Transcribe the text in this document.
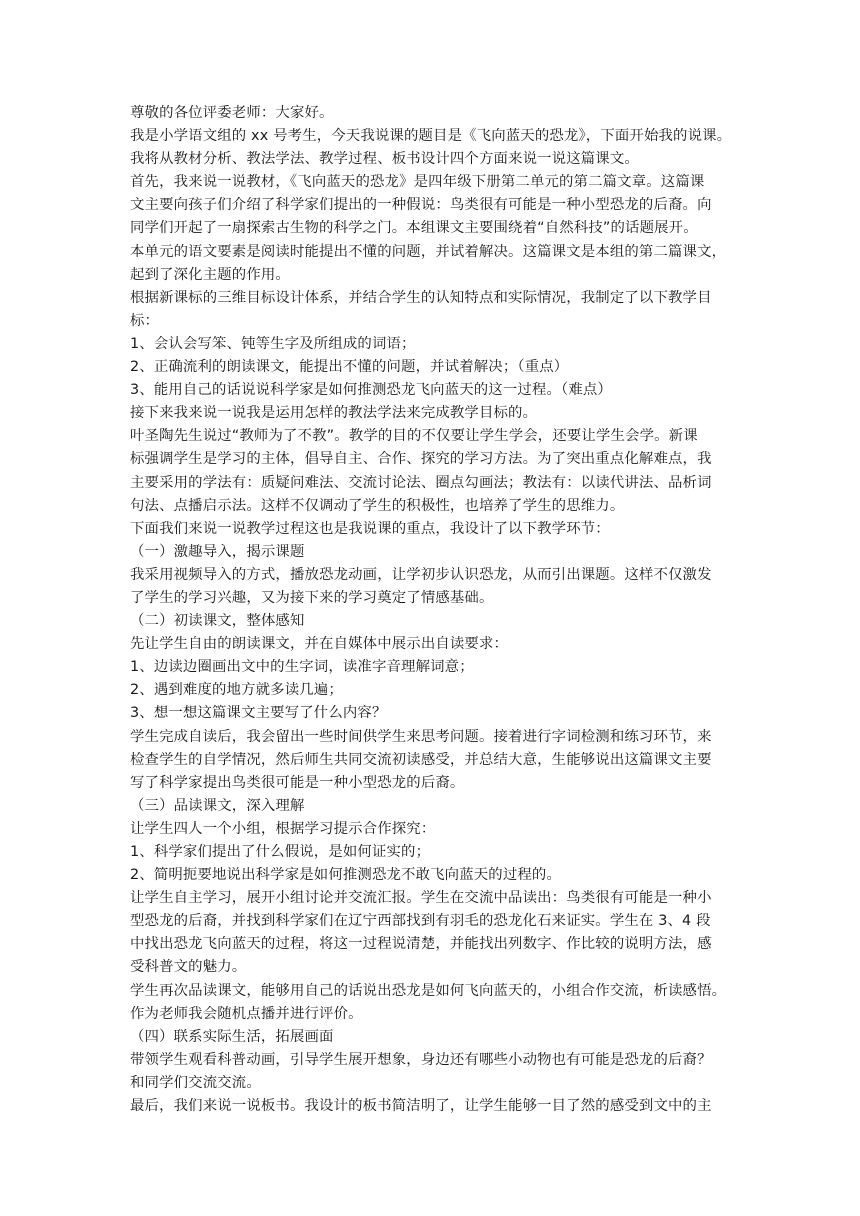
尊敬的各位评委老师：大家好。
我是小学语文组的 xx 号考生，今天我说课的题目是《飞向蓝天的恐龙》，下面开始我的说课。
我将从教材分析、教法学法、教学过程、板书设计四个方面来说一说这篇课文。
首先，我来说一说教材，《飞向蓝天的恐龙》是四年级下册第二单元的第二篇文章。这篇课
文主要向孩子们介绍了科学家们提出的一种假说：鸟类很有可能是一种小型恐龙的后裔。向
同学们开起了一扇探索古生物的科学之门。本组课文主要围绕着“自然科技”的话题展开。
本单元的语文要素是阅读时能提出不懂的问题，并试着解决。这篇课文是本组的第二篇课文，
起到了深化主题的作用。
根据新课标的三维目标设计体系，并结合学生的认知特点和实际情况，我制定了以下教学目
标：
1、会认会写笨、钝等生字及所组成的词语；
2、正确流利的朗读课文，能提出不懂的问题，并试着解决；（重点）
3、能用自己的话说说科学家是如何推测恐龙飞向蓝天的这一过程。（难点）
接下来我来说一说我是运用怎样的教法学法来完成教学目标的。
叶圣陶先生说过“教师为了不教”。教学的目的不仅要让学生学会，还要让学生会学。新课
标强调学生是学习的主体，倡导自主、合作、探究的学习方法。为了突出重点化解难点，我
主要采用的学法有：质疑问难法、交流讨论法、圈点勾画法；教法有：以读代讲法、品析词
句法、点播启示法。这样不仅调动了学生的积极性，也培养了学生的思维力。
下面我们来说一说教学过程这也是我说课的重点，我设计了以下教学环节：
（一）激趣导入，揭示课题
我采用视频导入的方式，播放恐龙动画，让学初步认识恐龙，从而引出课题。这样不仅激发
了学生的学习兴趣，又为接下来的学习奠定了情感基础。
（二）初读课文，整体感知
先让学生自由的朗读课文，并在自媒体中展示出自读要求：
1、边读边圈画出文中的生字词，读准字音理解词意；
2、遇到难度的地方就多读几遍；
3、想一想这篇课文主要写了什么内容？
学生完成自读后，我会留出一些时间供学生来思考问题。接着进行字词检测和练习环节，来
检查学生的自学情况，然后师生共同交流初读感受，并总结大意，生能够说出这篇课文主要
写了科学家提出鸟类很可能是一种小型恐龙的后裔。
（三）品读课文，深入理解
让学生四人一个小组，根据学习提示合作探究：
1、科学家们提出了什么假说，是如何证实的；
2、简明扼要地说出科学家是如何推测恐龙不敢飞向蓝天的过程的。
让学生自主学习，展开小组讨论并交流汇报。学生在交流中品读出：鸟类很有可能是一种小
型恐龙的后裔，并找到科学家们在辽宁西部找到有羽毛的恐龙化石来证实。学生在 3、4 段
中找出恐龙飞向蓝天的过程，将这一过程说清楚，并能找出列数字、作比较的说明方法，感
受科普文的魅力。
学生再次品读课文，能够用自己的话说出恐龙是如何飞向蓝天的，小组合作交流，析读感悟。
作为老师我会随机点播并进行评价。
（四）联系实际生活，拓展画面
带领学生观看科普动画，引导学生展开想象，身边还有哪些小动物也有可能是恐龙的后裔？
和同学们交流交流。
最后，我们来说一说板书。我设计的板书简洁明了，让学生能够一目了然的感受到文中的主
